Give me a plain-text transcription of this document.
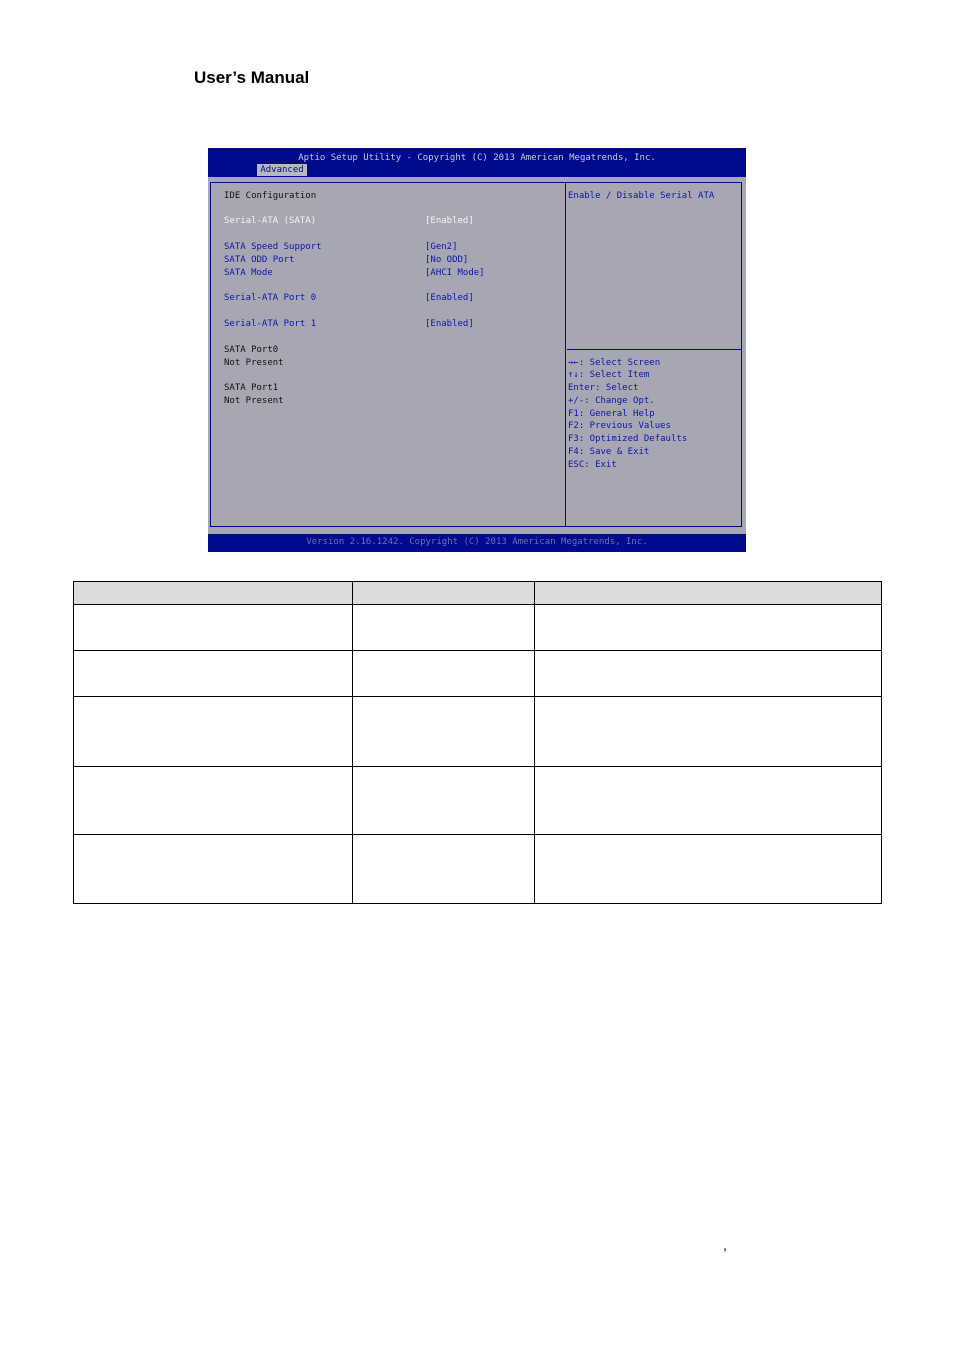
User’s Manual
Aptio Setup Utility - Copyright (C) 2013 American Megatrends, Inc.
Advanced
IDE Configuration
Serial-ATA (SATA)	[Enabled]
SATA Speed Support	[Gen2]
SATA ODD Port	[No ODD]
SATA Mode	[AHCI Mode]
Serial-ATA Port 0	[Enabled]
Serial-ATA Port 1	[Enabled]
SATA Port0
Not Present
SATA Port1
Not Present
Enable / Disable Serial ATA
→←: Select Screen
↑↓: Select Item
Enter: Select
+/-: Change Opt.
F1: General Help
F2: Previous Values
F3: Optimized Defaults
F4: Save & Exit
ESC: Exit
Version 2.16.1242. Copyright (C) 2013 American Megatrends, Inc.

,
